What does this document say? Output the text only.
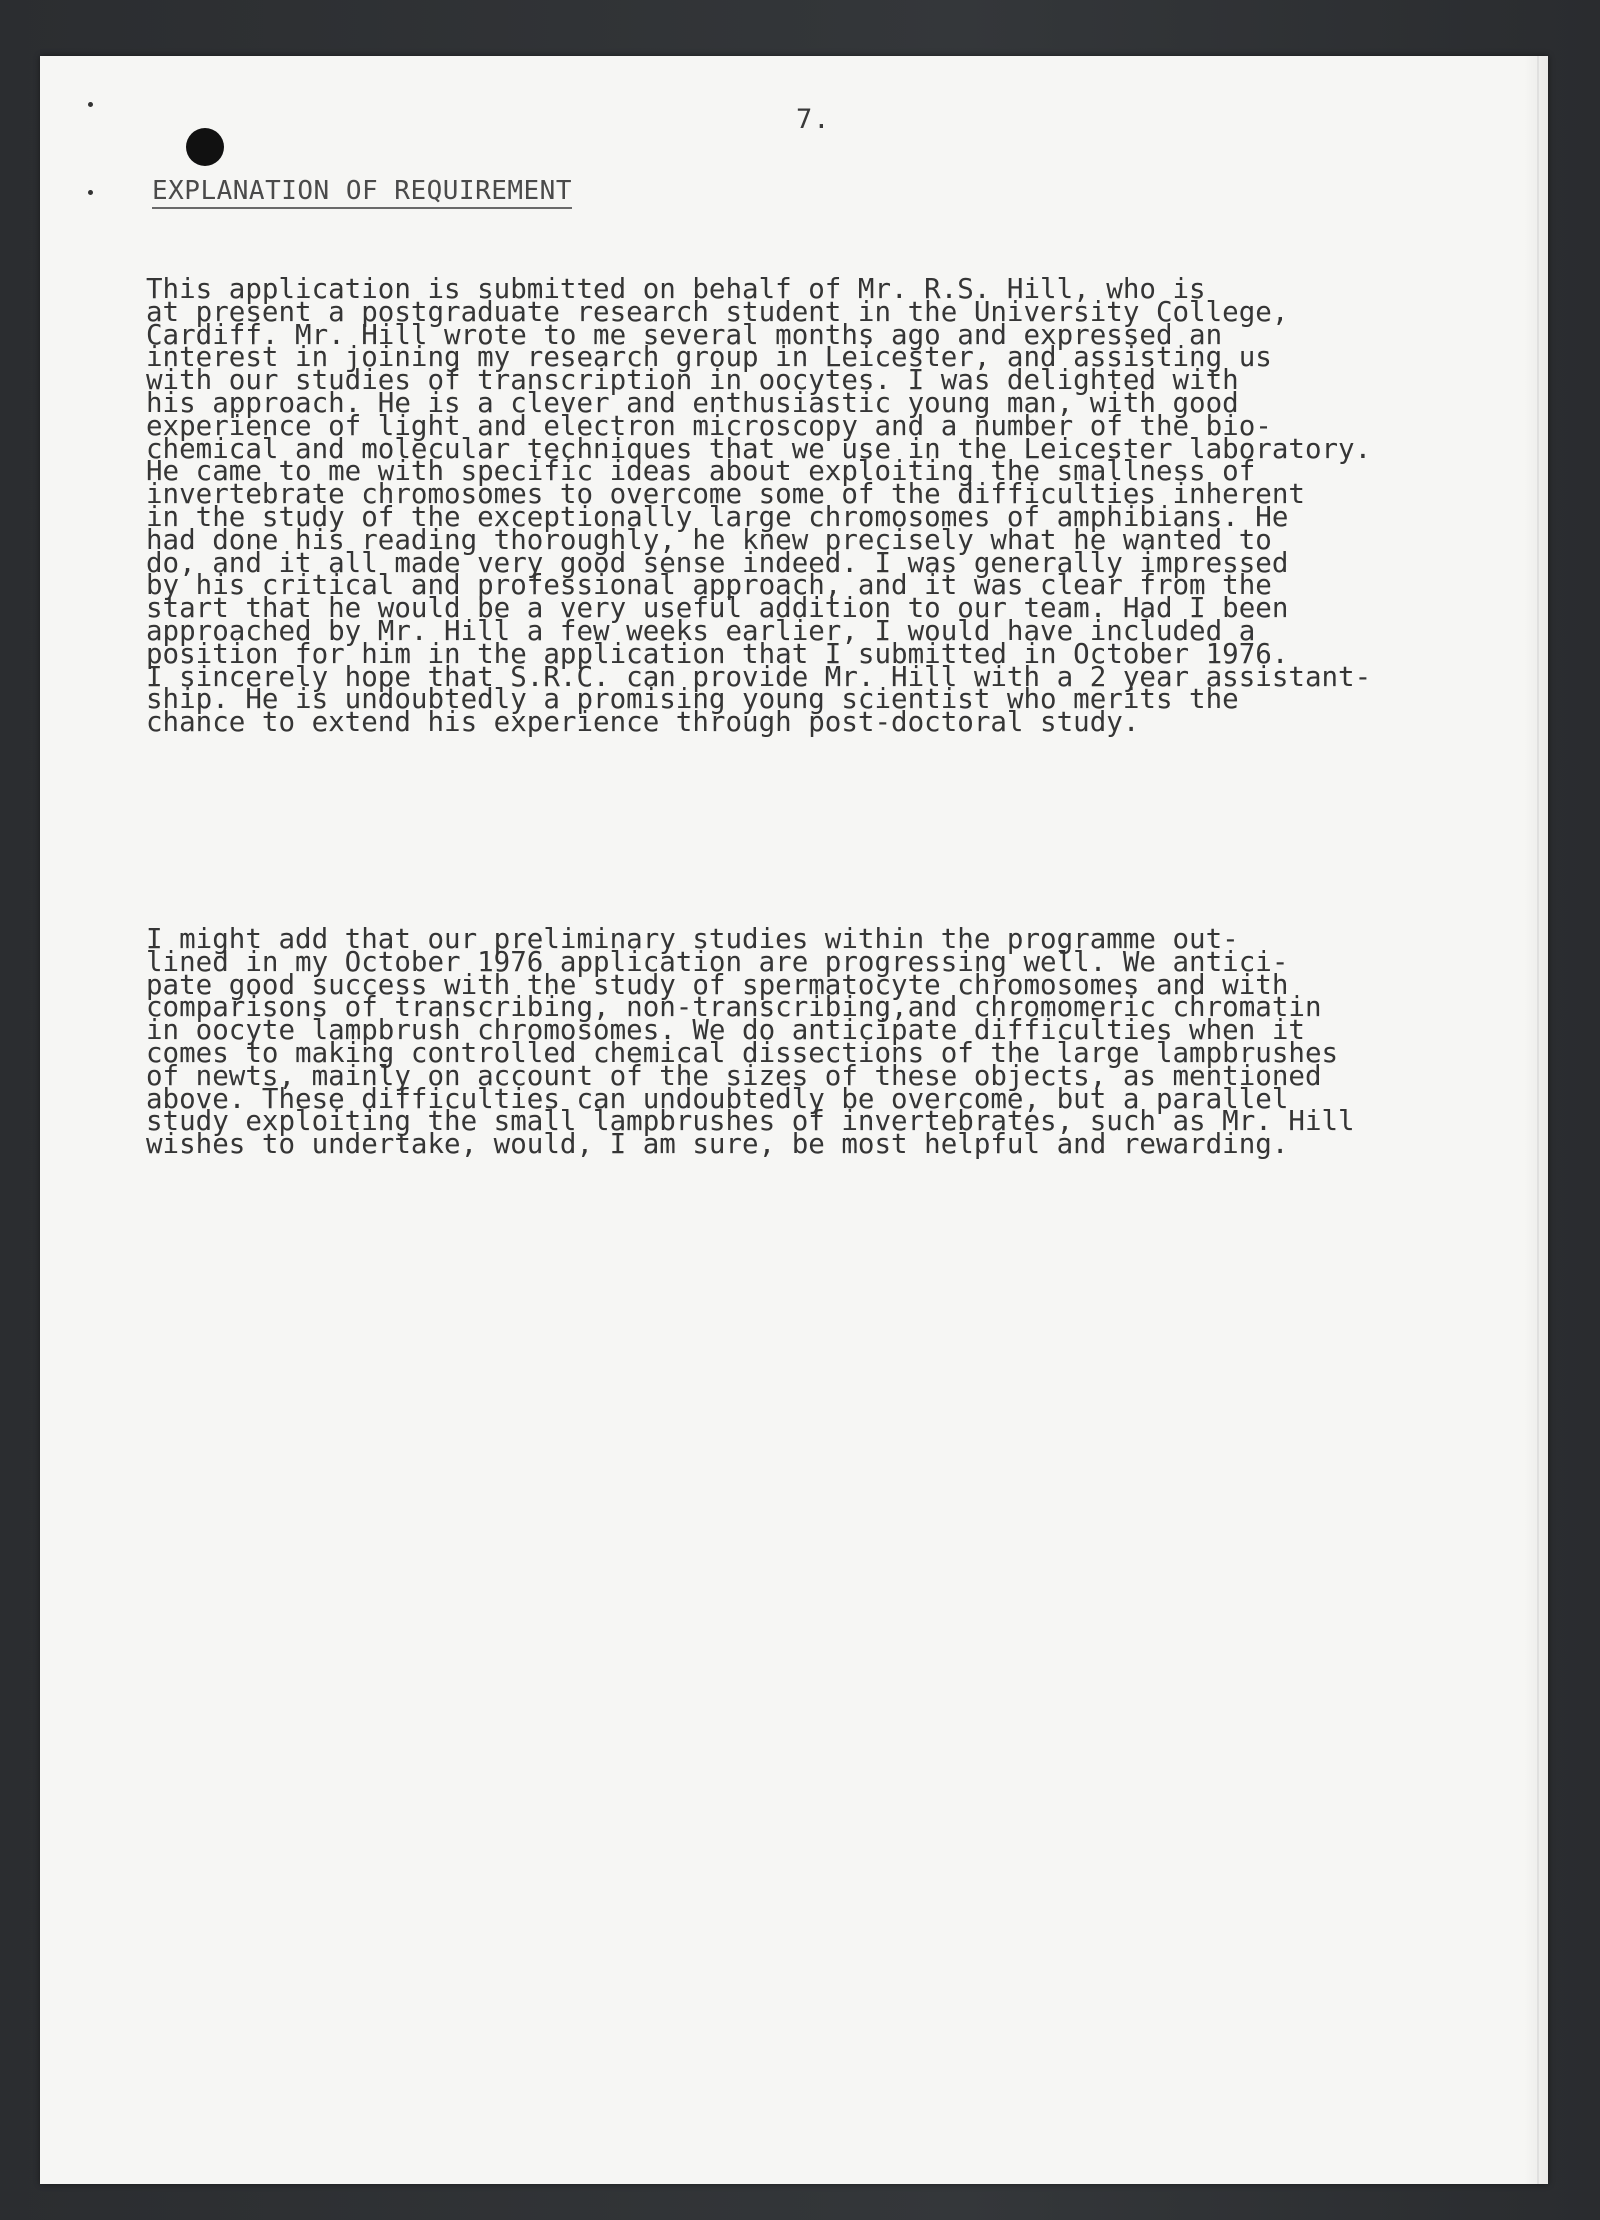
7.
EXPLANATION OF REQUIREMENT
This application is submitted on behalf of Mr. R.S. Hill, who is
at present a postgraduate research student in the University College,
Cardiff. Mr. Hill wrote to me several months ago and expressed an
interest in joining my research group in Leicester, and assisting us
with our studies of transcription in oocytes. I was delighted with
his approach. He is a clever and enthusiastic young man, with good
experience of light and electron microscopy and a number of the bio-
chemical and molecular techniques that we use in the Leicester laboratory.
He came to me with specific ideas about exploiting the smallness of
invertebrate chromosomes to overcome some of the difficulties inherent
in the study of the exceptionally large chromosomes of amphibians. He
had done his reading thoroughly, he knew precisely what he wanted to
do, and it all made very good sense indeed. I was generally impressed
by his critical and professional approach, and it was clear from the
start that he would be a very useful addition to our team. Had I been
approached by Mr. Hill a few weeks earlier, I would have included a
position for him in the application that I submitted in October 1976.
I sincerely hope that S.R.C. can provide Mr. Hill with a 2 year assistant-
ship. He is undoubtedly a promising young scientist who merits the
chance to extend his experience through post-doctoral study.
I might add that our preliminary studies within the programme out-
lined in my October 1976 application are progressing well. We antici-
pate good success with the study of spermatocyte chromosomes and with
comparisons of transcribing, non-transcribing,and chromomeric chromatin
in oocyte lampbrush chromosomes. We do anticipate difficulties when it
comes to making controlled chemical dissections of the large lampbrushes
of newts, mainly on account of the sizes of these objects, as mentioned
above. These difficulties can undoubtedly be overcome, but a parallel
study exploiting the small lampbrushes of invertebrates, such as Mr. Hill
wishes to undertake, would, I am sure, be most helpful and rewarding.
